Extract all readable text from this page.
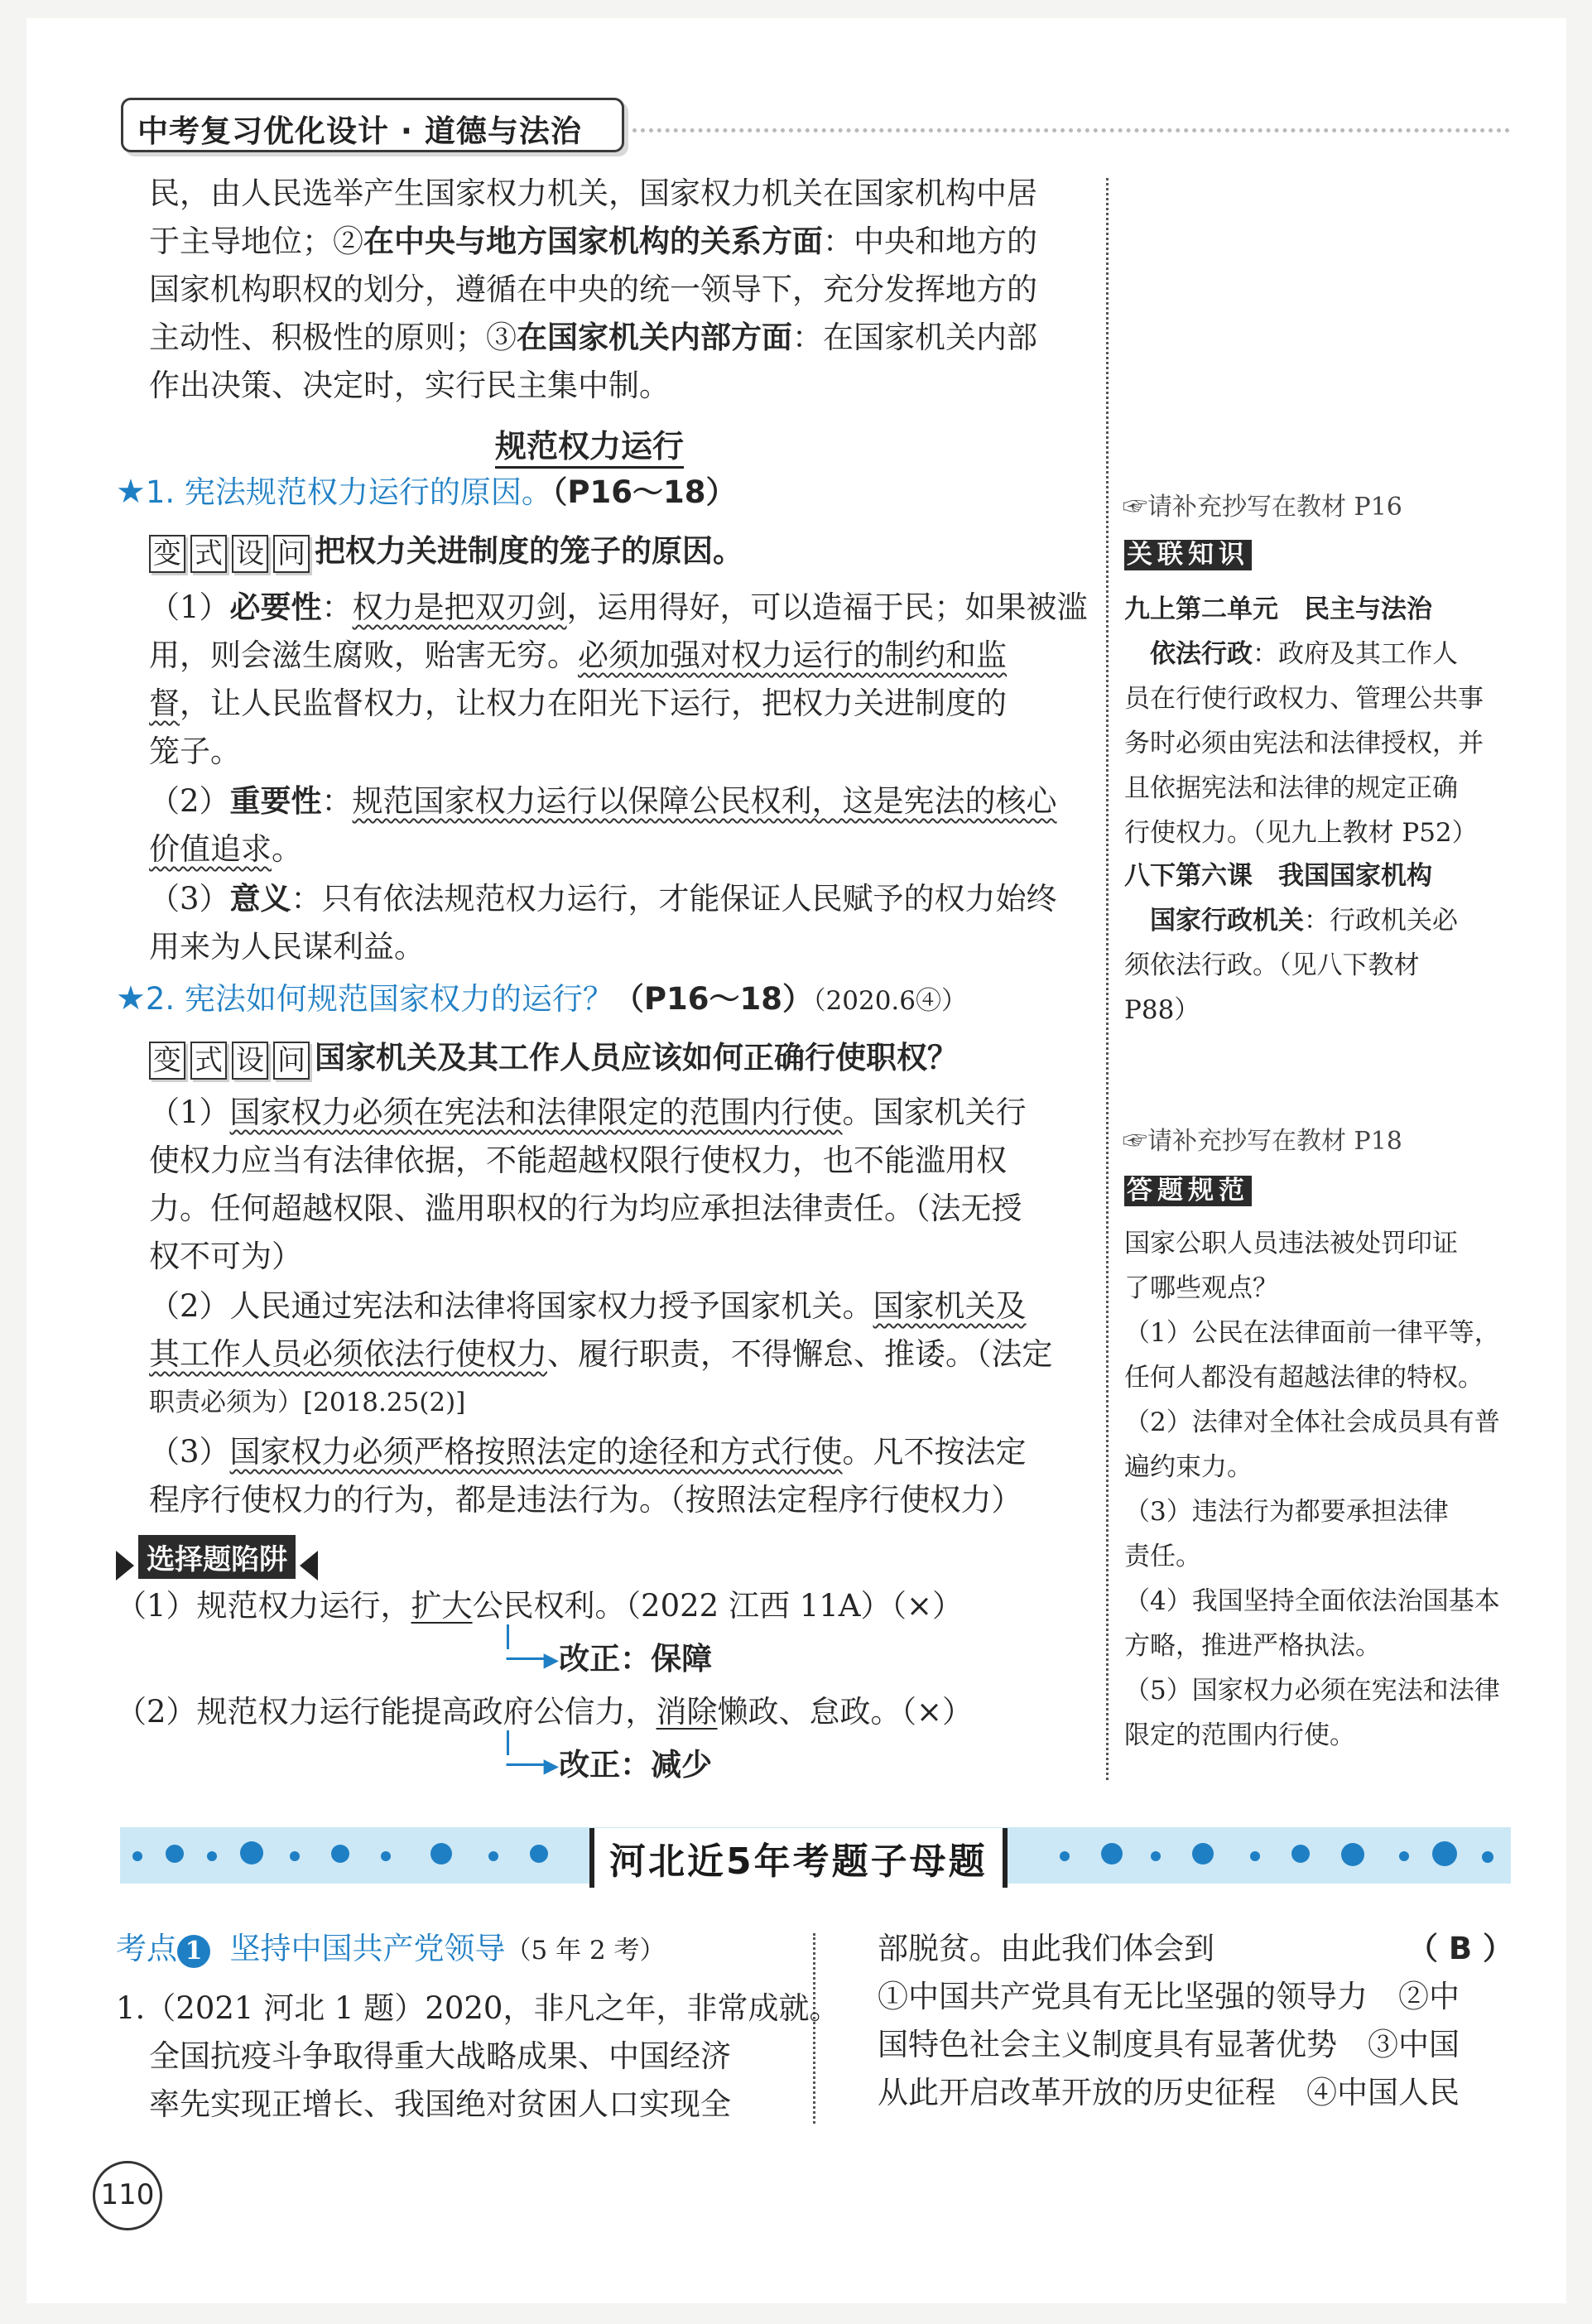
中考复习优化设计 · 道德与法治
民，由人民选举产生国家权力机关，国家权力机关在国家机构中居
于主导地位；②在中央与地方国家机构的关系方面：中央和地方的
国家机构职权的划分，遵循在中央的统一领导下，充分发挥地方的
主动性、积极性的原则；③在国家机关内部方面：在国家机关内部
作出决策、决定时，实行民主集中制。
规范权力运行
★1. 宪法规范权力运行的原因。（P16～18）
变 式 设 问 把权力关进制度的笼子的原因。
（1）必要性：权力是把双刃剑，运用得好，可以造福于民；如果被滥
用，则会滋生腐败，贻害无穷。必须加强对权力运行的制约和监
督，让人民监督权力，让权力在阳光下运行，把权力关进制度的
笼子。
（2）重要性：规范国家权力运行以保障公民权利，这是宪法的核心
价值追求。
（3）意义：只有依法规范权力运行，才能保证人民赋予的权力始终
用来为人民谋利益。
★2. 宪法如何规范国家权力的运行？（P16～18）（2020.6④）
变 式 设 问 国家机关及其工作人员应该如何正确行使职权？
（1）国家权力必须在宪法和法律限定的范围内行使。国家机关行
使权力应当有法律依据，不能超越权限行使权力，也不能滥用权
力。任何超越权限、滥用职权的行为均应承担法律责任。（法无授
权不可为）
（2）人民通过宪法和法律将国家权力授予国家机关。国家机关及
其工作人员必须依法行使权力、履行职责，不得懈怠、推诿。（法定
职责必须为）[2018.25(2)]
（3）国家权力必须严格按照法定的途径和方式行使。凡不按法定
程序行使权力的行为，都是违法行为。（按照法定程序行使权力）
选择题陷阱
（1）规范权力运行，扩大公民权利。（2022 江西 11A）（×）
──▸改正：保障
（2）规范权力运行能提高政府公信力，消除懒政、怠政。（×）
──▸改正：减少
☞请补充抄写在教材 P16
关联知识
九上第二单元　民主与法治
　依法行政：政府及其工作人
员在行使行政权力、管理公共事
务时必须由宪法和法律授权，并
且依据宪法和法律的规定正确
行使权力。（见九上教材 P52）
八下第六课　我国国家机构
　国家行政机关：行政机关必
须依法行政。（见八下教材
P88）
☞请补充抄写在教材 P18
答题规范
国家公职人员违法被处罚印证
了哪些观点？
（1）公民在法律面前一律平等，
任何人都没有超越法律的特权。
（2）法律对全体社会成员具有普
遍约束力。
（3）违法行为都要承担法律
责任。
（4）我国坚持全面依法治国基本
方略，推进严格执法。
（5）国家权力必须在宪法和法律
限定的范围内行使。
河北近5年考题子母题
考点 1 坚持中国共产党领导（5 年 2 考）
1.（2021 河北 1 题）2020，非凡之年，非常成就。
全国抗疫斗争取得重大战略成果、中国经济
率先实现正增长、我国绝对贫困人口实现全
部脱贫。由此我们体会到	（ B ）
①中国共产党具有无比坚强的领导力　②中
国特色社会主义制度具有显著优势　③中国
从此开启改革开放的历史征程　④中国人民
110
